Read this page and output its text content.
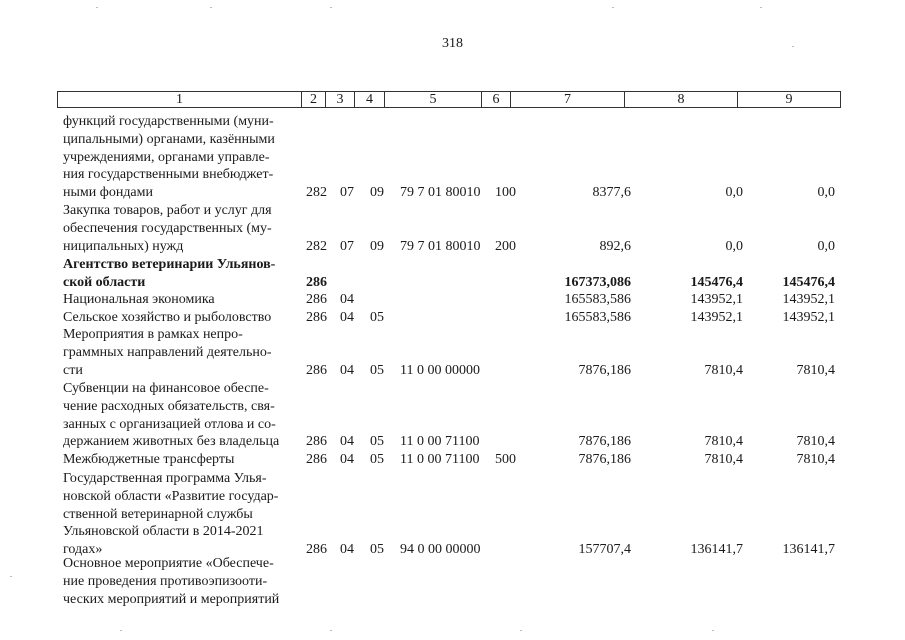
318
1	2	3	4	5	6	7	8	9
функций государственными (муни-
ципальными) органами, казёнными
учреждениями, органами управле-
ния государственными внебюджет-
ными фондами	282 07 09 79 7 01 80010 100	8377,6	0,0	0,0
Закупка товаров, работ и услуг для
обеспечения государственных (му-
ниципальных) нужд	282 07 09 79 7 01 80010 200	892,6	0,0	0,0
Агентство ветеринарии Ульянов-
ской области	286	167373,086	145476,4	145476,4
Национальная экономика	286 04	165583,586	143952,1	143952,1
Сельское хозяйство и рыболовство	286 04 05	165583,586	143952,1	143952,1
Мероприятия в рамках непро-
граммных направлений деятельно-
сти	286 04 05 11 0 00 00000	7876,186	7810,4	7810,4
Субвенции на финансовое обеспе-
чение расходных обязательств, свя-
занных с организацией отлова и со-
держанием животных без владельца	286 04 05 11 0 00 71100	7876,186	7810,4	7810,4
Межбюджетные трансферты	286 04 05 11 0 00 71100 500	7876,186	7810,4	7810,4
Государственная программа Улья-
новской области «Развитие государ-
ственной ветеринарной службы
Ульяновской области в 2014-2021
годах»	286 04 05 94 0 00 00000	157707,4	136141,7	136141,7
Основное мероприятие «Обеспече-
ние проведения противоэпизооти-
ческих мероприятий и мероприятий
